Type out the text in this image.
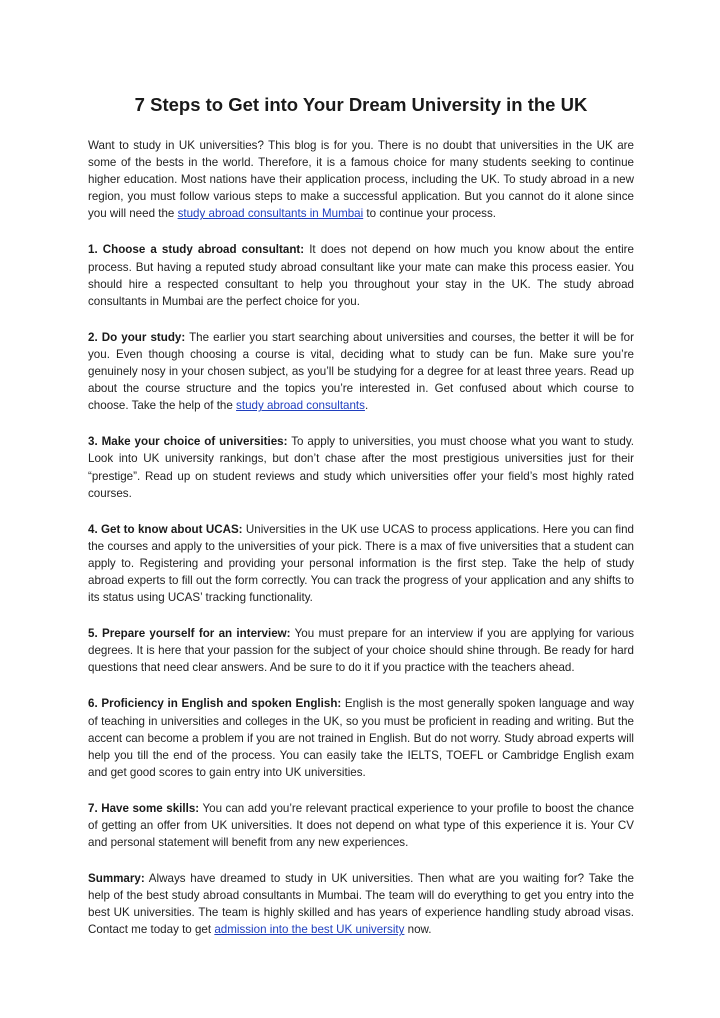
7 Steps to Get into Your Dream University in the UK

Want to study in UK universities? This blog is for you. There is no doubt that universities in the UK are some of the bests in the world. Therefore, it is a famous choice for many students seeking to continue higher education. Most nations have their application process, including the UK. To study abroad in a new region, you must follow various steps to make a successful application. But you cannot do it alone since you will need the study abroad consultants in Mumbai to continue your process.

1. Choose a study abroad consultant: It does not depend on how much you know about the entire process. But having a reputed study abroad consultant like your mate can make this process easier. You should hire a respected consultant to help you throughout your stay in the UK. The study abroad consultants in Mumbai are the perfect choice for you.

2. Do your study: The earlier you start searching about universities and courses, the better it will be for you. Even though choosing a course is vital, deciding what to study can be fun. Make sure you’re genuinely nosy in your chosen subject, as you’ll be studying for a degree for at least three years. Read up about the course structure and the topics you’re interested in. Get confused about which course to choose. Take the help of the study abroad consultants.

3. Make your choice of universities: To apply to universities, you must choose what you want to study. Look into UK university rankings, but don’t chase after the most prestigious universities just for their “prestige”. Read up on student reviews and study which universities offer your field’s most highly rated courses.

4. Get to know about UCAS: Universities in the UK use UCAS to process applications. Here you can find the courses and apply to the universities of your pick. There is a max of five universities that a student can apply to. Registering and providing your personal information is the first step. Take the help of study abroad experts to fill out the form correctly. You can track the progress of your application and any shifts to its status using UCAS’ tracking functionality.

5. Prepare yourself for an interview: You must prepare for an interview if you are applying for various degrees. It is here that your passion for the subject of your choice should shine through. Be ready for hard questions that need clear answers. And be sure to do it if you practice with the teachers ahead.

6. Proficiency in English and spoken English: English is the most generally spoken language and way of teaching in universities and colleges in the UK, so you must be proficient in reading and writing. But the accent can become a problem if you are not trained in English. But do not worry. Study abroad experts will help you till the end of the process. You can easily take the IELTS, TOEFL or Cambridge English exam and get good scores to gain entry into UK universities.

7. Have some skills: You can add you’re relevant practical experience to your profile to boost the chance of getting an offer from UK universities. It does not depend on what type of this experience it is. Your CV and personal statement will benefit from any new experiences.

Summary: Always have dreamed to study in UK universities. Then what are you waiting for? Take the help of the best study abroad consultants in Mumbai. The team will do everything to get you entry into the best UK universities. The team is highly skilled and has years of experience handling study abroad visas. Contact me today to get admission into the best UK university now.
